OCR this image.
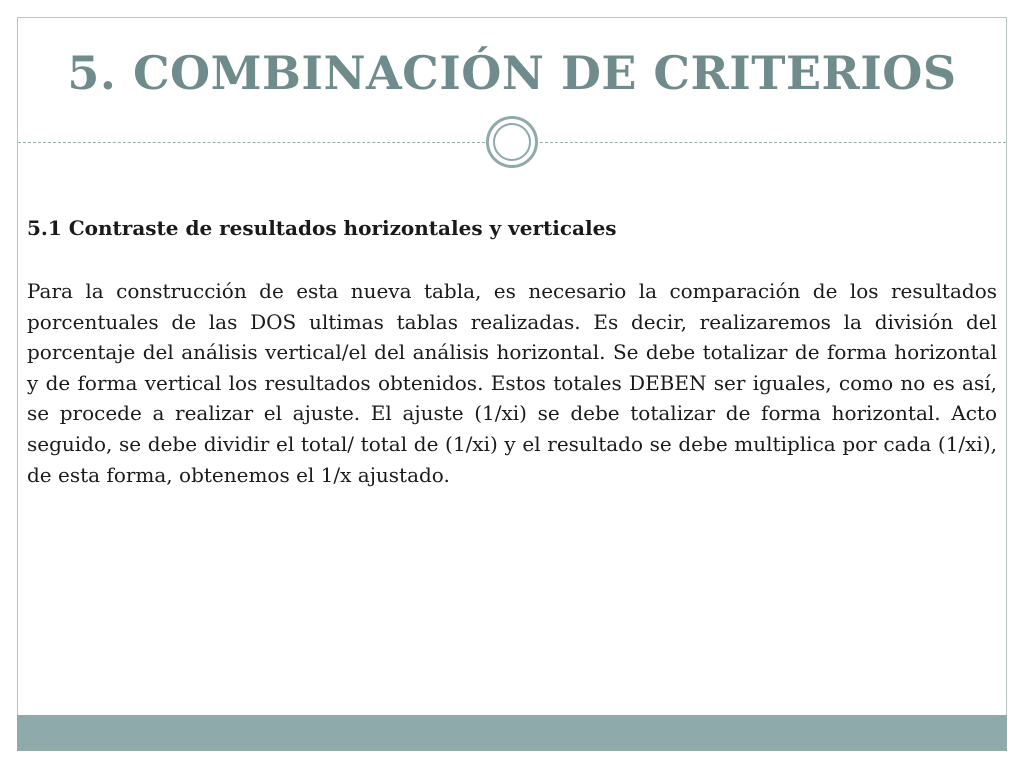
5. COMBINACIÓN DE CRITERIOS
5.1 Contraste de resultados horizontales y verticales

Para la construcción de esta nueva tabla, es necesario la comparación de los resultados porcentuales de las DOS ultimas tablas realizadas. Es decir, realizaremos la división del porcentaje del análisis vertical/el del análisis horizontal. Se debe totalizar de forma horizontal y de forma vertical los resultados obtenidos. Estos totales DEBEN ser iguales, como no es así, se procede a realizar el ajuste. El ajuste (1/xi) se debe totalizar de forma horizontal. Acto seguido, se debe dividir el total/ total de (1/xi) y el resultado se debe multiplica por cada (1/xi), de esta forma, obtenemos el 1/x ajustado.
